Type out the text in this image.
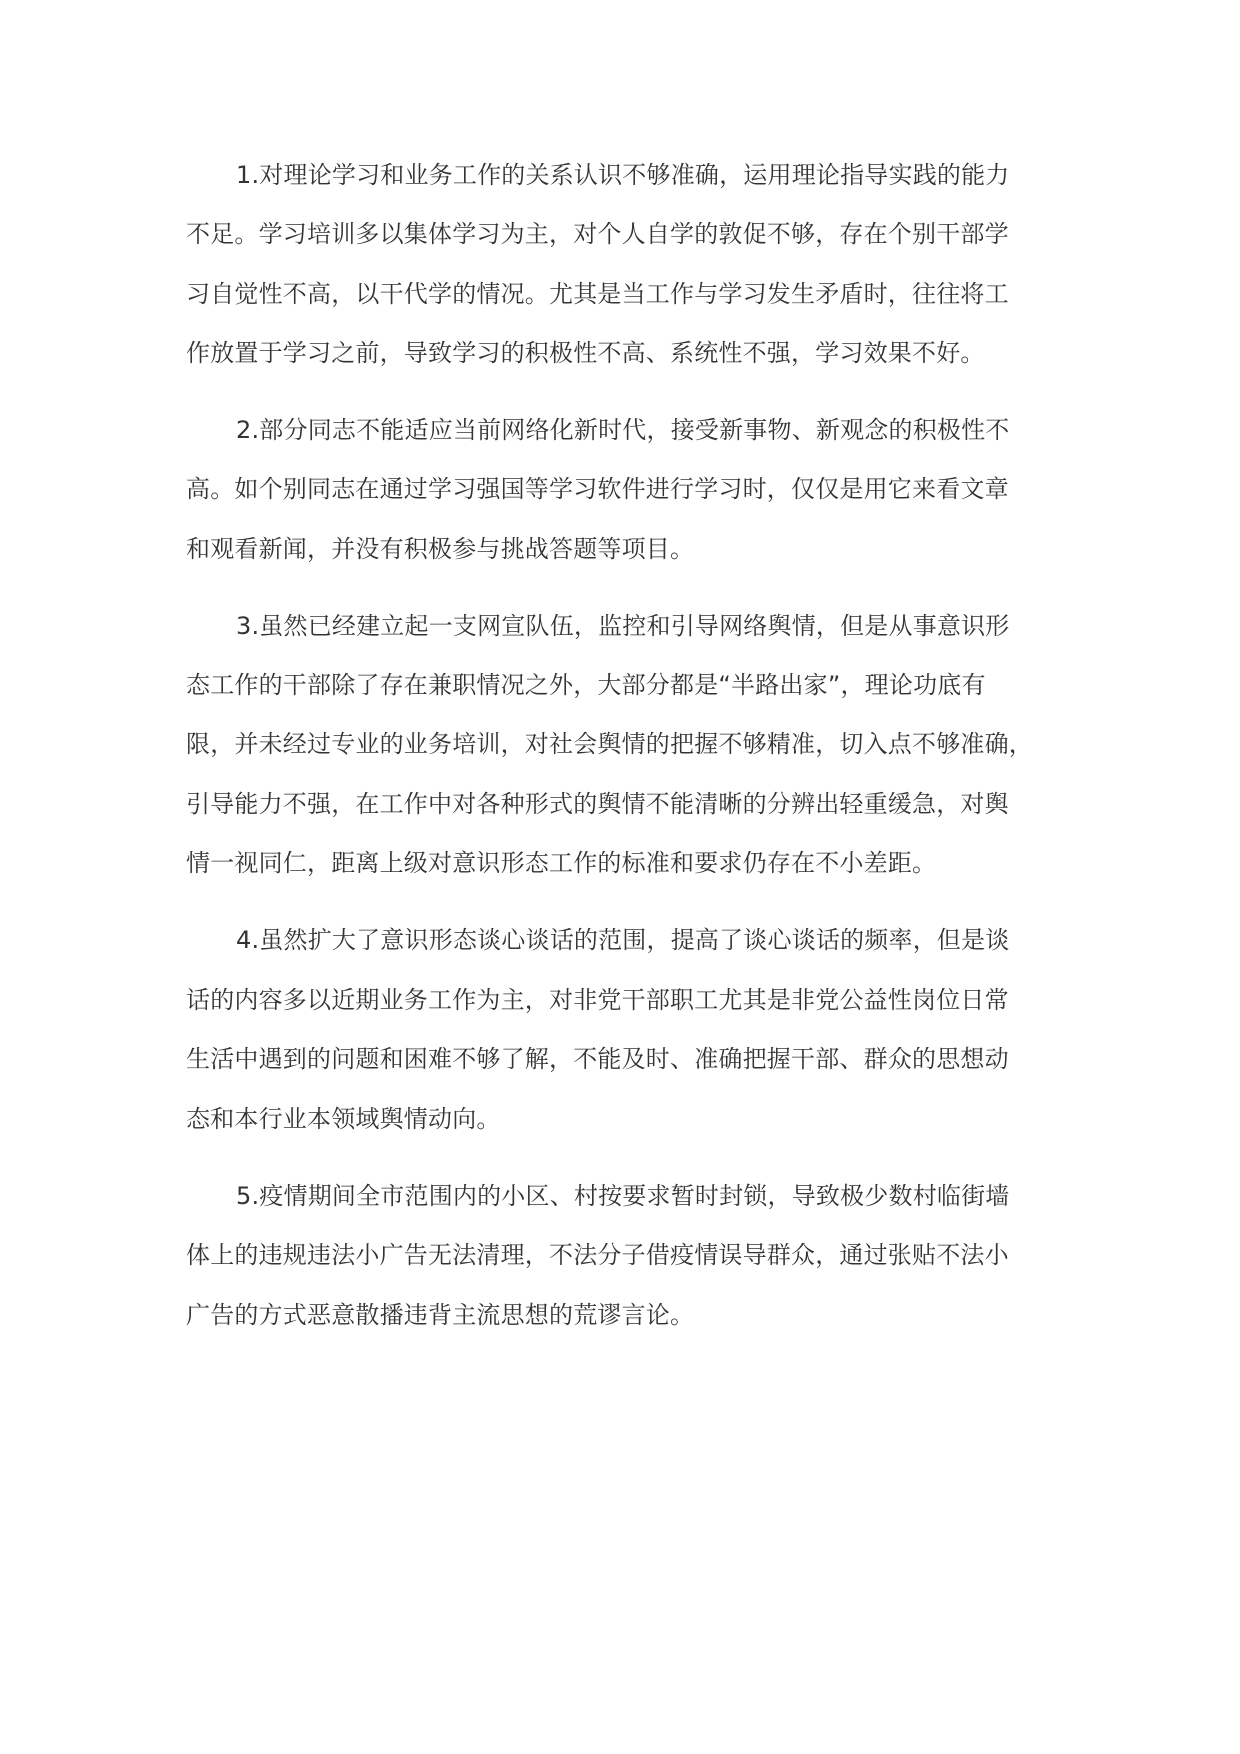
1.对理论学习和业务工作的关系认识不够准确，运用理论指导实践的能力
不足。学习培训多以集体学习为主，对个人自学的敦促不够，存在个别干部学
习自觉性不高，以干代学的情况。尤其是当工作与学习发生矛盾时，往往将工
作放置于学习之前，导致学习的积极性不高、系统性不强，学习效果不好。
2.部分同志不能适应当前网络化新时代，接受新事物、新观念的积极性不
高。如个别同志在通过学习强国等学习软件进行学习时，仅仅是用它来看文章
和观看新闻，并没有积极参与挑战答题等项目。
3.虽然已经建立起一支网宣队伍，监控和引导网络舆情，但是从事意识形
态工作的干部除了存在兼职情况之外，大部分都是“半路出家”，理论功底有
限，并未经过专业的业务培训，对社会舆情的把握不够精准，切入点不够准确，
引导能力不强，在工作中对各种形式的舆情不能清晰的分辨出轻重缓急，对舆
情一视同仁，距离上级对意识形态工作的标准和要求仍存在不小差距。
4.虽然扩大了意识形态谈心谈话的范围，提高了谈心谈话的频率，但是谈
话的内容多以近期业务工作为主，对非党干部职工尤其是非党公益性岗位日常
生活中遇到的问题和困难不够了解，不能及时、准确把握干部、群众的思想动
态和本行业本领域舆情动向。
5.疫情期间全市范围内的小区、村按要求暂时封锁，导致极少数村临街墙
体上的违规违法小广告无法清理，不法分子借疫情误导群众，通过张贴不法小
广告的方式恶意散播违背主流思想的荒谬言论。
